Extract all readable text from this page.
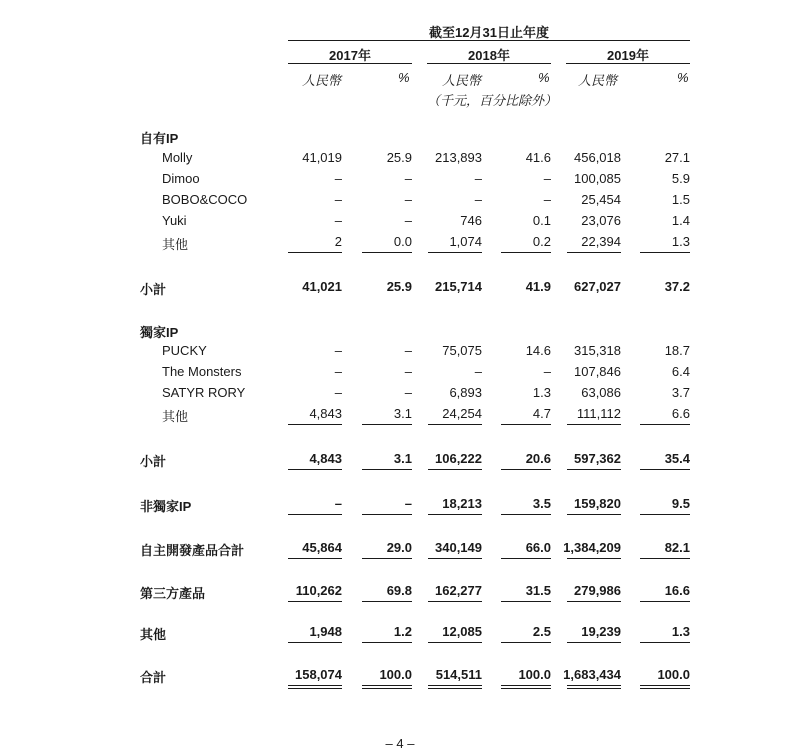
截至12月31日止年度
2017年	2018年	2019年
人民幣	% 人民幣	% 人民幣	%
（千元，百分比除外）
自有IP
Molly	41,019	25.9	213,893	41.6	456,018	27.1
Dimoo	–	–	–	–	100,085	5.9
BOBO&COCO	–	–	–	–	25,454	1.5
Yuki	–	–	746	0.1	23,076	1.4
其他	2	0.0	1,074	0.2	22,394	1.3
小計	41,021	25.9	215,714	41.9	627,027	37.2
獨家IP
PUCKY	–	–	75,075	14.6	315,318	18.7
The Monsters	–	–	–	–	107,846	6.4
SATYR RORY	–	–	6,893	1.3	63,086	3.7
其他	4,843	3.1	24,254	4.7	111,112	6.6
小計	4,843	3.1	106,222	20.6	597,362	35.4
非獨家IP	–	–	18,213	3.5	159,820	9.5
自主開發產品合計	45,864	29.0	340,149	66.0 1,384,209	82.1
第三方產品	110,262	69.8	162,277	31.5	279,986	16.6
其他	1,948	1.2	12,085	2.5	19,239	1.3
合計	158,074	100.0	514,511	100.0 1,683,434	100.0
– 4 –
